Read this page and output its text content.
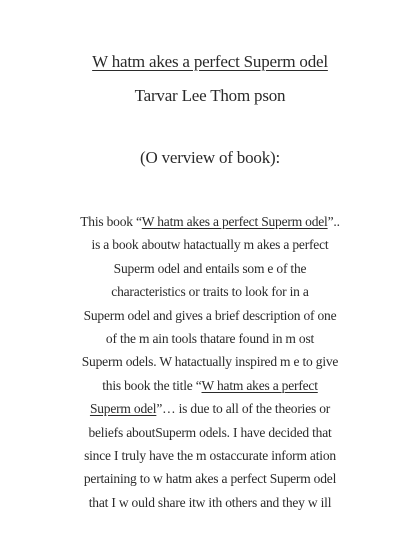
W hatm akes a perfect Superm odel
Tarvar Lee Thom pson
(O verview of book):
This book “W hatm akes a perfect Superm odel”..
is a book aboutw hatactually m akes a perfect
Superm odel and entails som e of the
characteristics or traits to look for in a
Superm odel and gives a brief description of one
of the m ain tools thatare found in m ost
Superm odels. W hatactually inspired m e to give
this book the title “W hatm akes a perfect
Superm odel”… is due to all of the theories or
beliefs aboutSuperm odels. I have decided that
since I truly have the m ostaccurate inform ation
pertaining to w hatm akes a perfect Superm odel
that I w ould share itw ith others and they w ill
